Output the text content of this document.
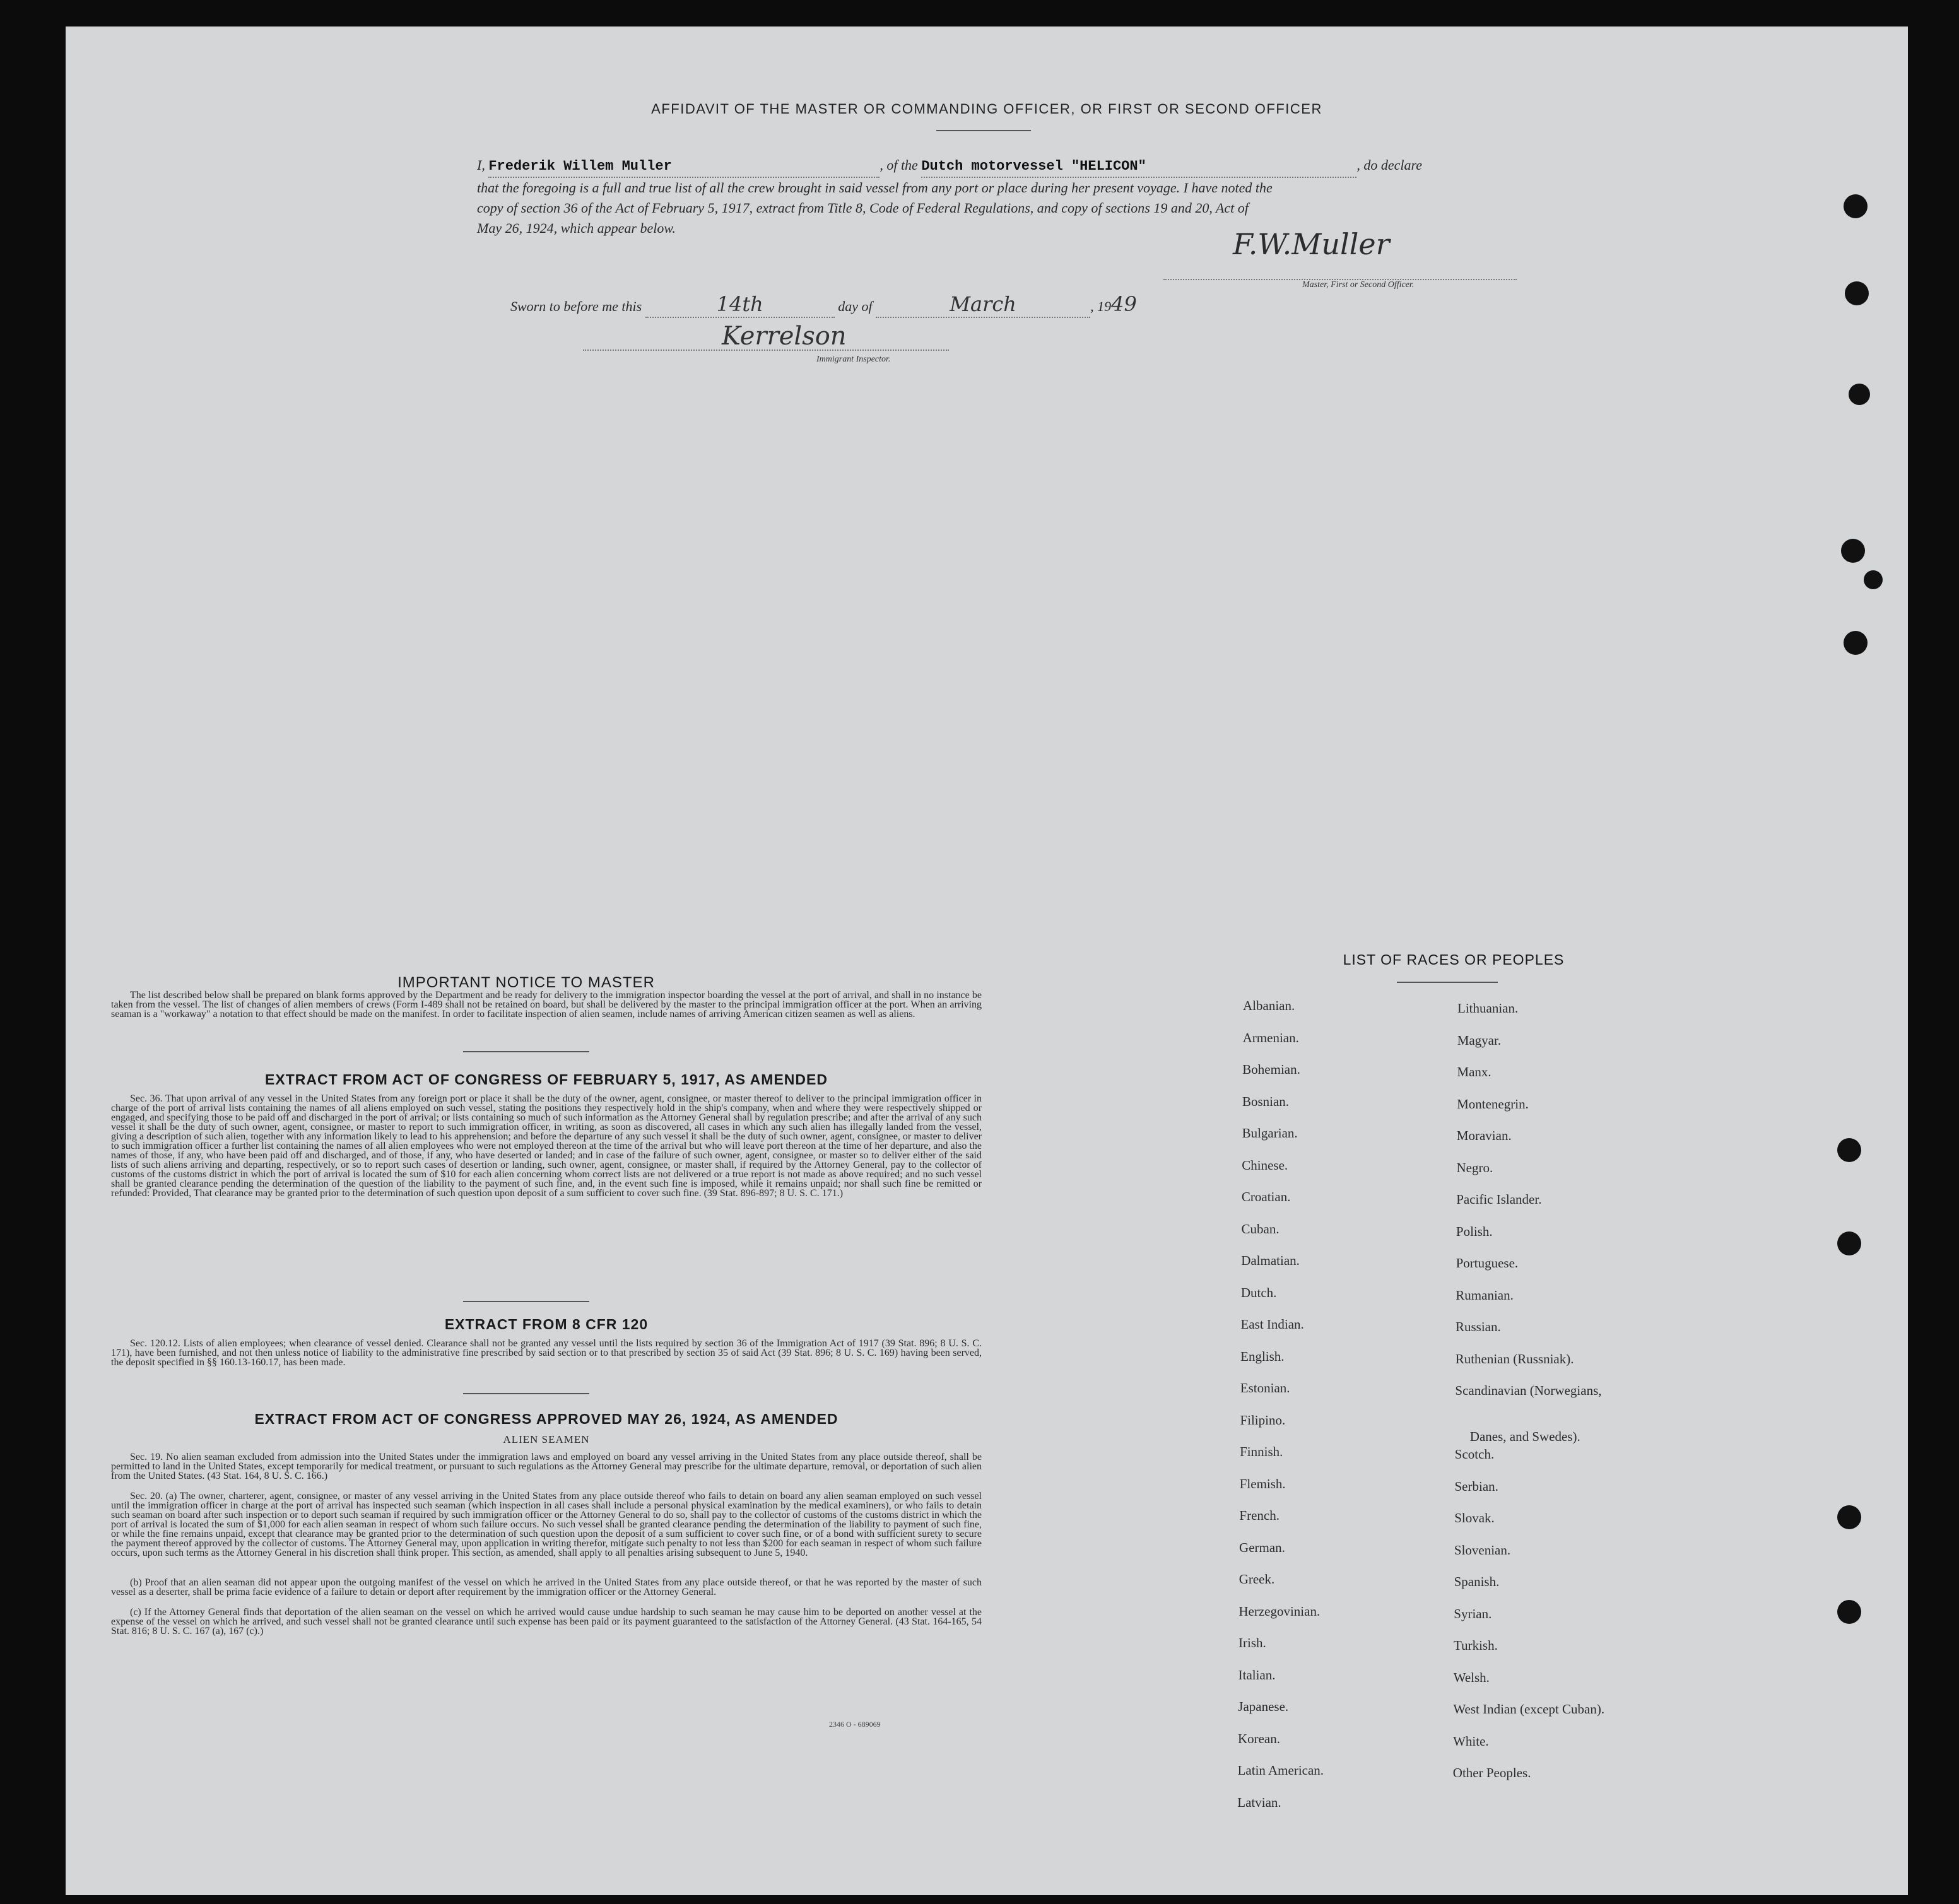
AFFIDAVIT OF THE MASTER OR COMMANDING OFFICER, OR FIRST OR SECOND OFFICER
I, Frederik Willem Muller	, of the Dutch motorvessel "HELICON"	, do declare
that the foregoing is a full and true list of all the crew brought in said vessel from any port or place during her present voyage. I have noted the
copy of section 36 of the Act of February 5, 1917, extract from Title 8, Code of Federal Regulations, and copy of sections 19 and 20, Act of
May 26, 1924, which appear below.	F.W.Muller
Master, First or Second Officer.
Sworn to before me this	14th	day of	March	, 1949
Kerrelson
Immigrant Inspector.
IMPORTANT NOTICE TO MASTER
The list described below shall be prepared on blank forms approved by the Department and be ready for delivery to the immigration inspector boarding the vessel at the port of arrival, and shall in no instance be taken from the vessel. The list of changes of alien members of crews (Form I-489 shall not be retained on board, but shall be delivered by the master to the principal immigration officer at the port. When an arriving seaman is a "workaway" a notation to that effect should be made on the manifest. In order to facilitate inspection of alien seamen, include names of arriving American citizen seamen as well as aliens.
EXTRACT FROM ACT OF CONGRESS OF FEBRUARY 5, 1917, AS AMENDED
Sec. 36. That upon arrival of any vessel in the United States from any foreign port or place it shall be the duty of the owner, agent, consignee, or master thereof to deliver to the principal immigration officer in charge of the port of arrival lists containing the names of all aliens employed on such vessel, stating the positions they respectively hold in the ship's company, when and where they were respectively shipped or engaged, and specifying those to be paid off and discharged in the port of arrival; or lists containing so much of such information as the Attorney General shall by regulation prescribe; and after the arrival of any such vessel it shall be the duty of such owner, agent, consignee, or master to report to such immigration officer, in writing, as soon as discovered, all cases in which any such alien has illegally landed from the vessel, giving a description of such alien, together with any information likely to lead to his apprehension; and before the departure of any such vessel it shall be the duty of such owner, agent, consignee, or master to deliver to such immigration officer a further list containing the names of all alien employees who were not employed thereon at the time of the arrival but who will leave port thereon at the time of her departure, and also the names of those, if any, who have been paid off and discharged, and of those, if any, who have deserted or landed; and in case of the failure of such owner, agent, consignee, or master so to deliver either of the said lists of such aliens arriving and departing, respectively, or so to report such cases of desertion or landing, such owner, agent, consignee, or master shall, if required by the Attorney General, pay to the collector of customs of the customs district in which the port of arrival is located the sum of $10 for each alien concerning whom correct lists are not delivered or a true report is not made as above required; and no such vessel shall be granted clearance pending the determination of the question of the liability to the payment of such fine, and, in the event such fine is imposed, while it remains unpaid; nor shall such fine be remitted or refunded: Provided, That clearance may be granted prior to the determination of such question upon deposit of a sum sufficient to cover such fine. (39 Stat. 896-897; 8 U. S. C. 171.)
EXTRACT FROM 8 CFR 120
Sec. 120.12. Lists of alien employees; when clearance of vessel denied. Clearance shall not be granted any vessel until the lists required by section 36 of the Immigration Act of 1917 (39 Stat. 896; 8 U. S. C. 171), have been furnished, and not then unless notice of liability to the administrative fine prescribed by said section or to that prescribed by section 35 of said Act (39 Stat. 896; 8 U. S. C. 169) having been served, the deposit specified in §§ 160.13-160.17, has been made.
EXTRACT FROM ACT OF CONGRESS APPROVED MAY 26, 1924, AS AMENDED
ALIEN SEAMEN
Sec. 19. No alien seaman excluded from admission into the United States under the immigration laws and employed on board any vessel arriving in the United States from any place outside thereof, shall be permitted to land in the United States, except temporarily for medical treatment, or pursuant to such regulations as the Attorney General may prescribe for the ultimate departure, removal, or deportation of such alien from the United States. (43 Stat. 164, 8 U. S. C. 166.)
Sec. 20. (a) The owner, charterer, agent, consignee, or master of any vessel arriving in the United States from any place outside thereof who fails to detain on board any alien seaman employed on such vessel until the immigration officer in charge at the port of arrival has inspected such seaman (which inspection in all cases shall include a personal physical examination by the medical examiners), or who fails to detain such seaman on board after such inspection or to deport such seaman if required by such immigration officer or the Attorney General to do so, shall pay to the collector of customs of the customs district in which the port of arrival is located the sum of $1,000 for each alien seaman in respect of whom such failure occurs. No such vessel shall be granted clearance pending the determination of the liability to payment of such fine, or while the fine remains unpaid, except that clearance may be granted prior to the determination of such question upon the deposit of a sum sufficient to cover such fine, or of a bond with sufficient surety to secure the payment thereof approved by the collector of customs. The Attorney General may, upon application in writing therefor, mitigate such penalty to not less than $200 for each seaman in respect of whom such failure occurs, upon such terms as the Attorney General in his discretion shall think proper. This section, as amended, shall apply to all penalties arising subsequent to June 5, 1940.
(b) Proof that an alien seaman did not appear upon the outgoing manifest of the vessel on which he arrived in the United States from any place outside thereof, or that he was reported by the master of such vessel as a deserter, shall be prima facie evidence of a failure to detain or deport after requirement by the immigration officer or the Attorney General.
(c) If the Attorney General finds that deportation of the alien seaman on the vessel on which he arrived would cause undue hardship to such seaman he may cause him to be deported on another vessel at the expense of the vessel on which he arrived, and such vessel shall not be granted clearance until such expense has been paid or its payment guaranteed to the satisfaction of the Attorney General. (43 Stat. 164-165, 54 Stat. 816; 8 U. S. C. 167 (a), 167 (c).)
2346 O - 689069
LIST OF RACES OR PEOPLES
Albanian.
Armenian.
Bohemian.
Bosnian.
Bulgarian.
Chinese.
Croatian.
Cuban.
Dalmatian.
Dutch.
East Indian.
English.
Estonian.
Filipino.
Finnish.
Flemish.
French.
German.
Greek.
Herzegovinian.
Irish.
Italian.
Japanese.
Korean.
Latin American.
Latvian.
Lithuanian.
Magyar.
Manx.
Montenegrin.
Moravian.
Negro.
Pacific Islander.
Polish.
Portuguese.
Rumanian.
Russian.
Ruthenian (Russniak).
Scandinavian (Norwegians,
Danes, and Swedes).
Scotch.
Serbian.
Slovak.
Slovenian.
Spanish.
Syrian.
Turkish.
Welsh.
West Indian (except Cuban).
White.
Other Peoples.
